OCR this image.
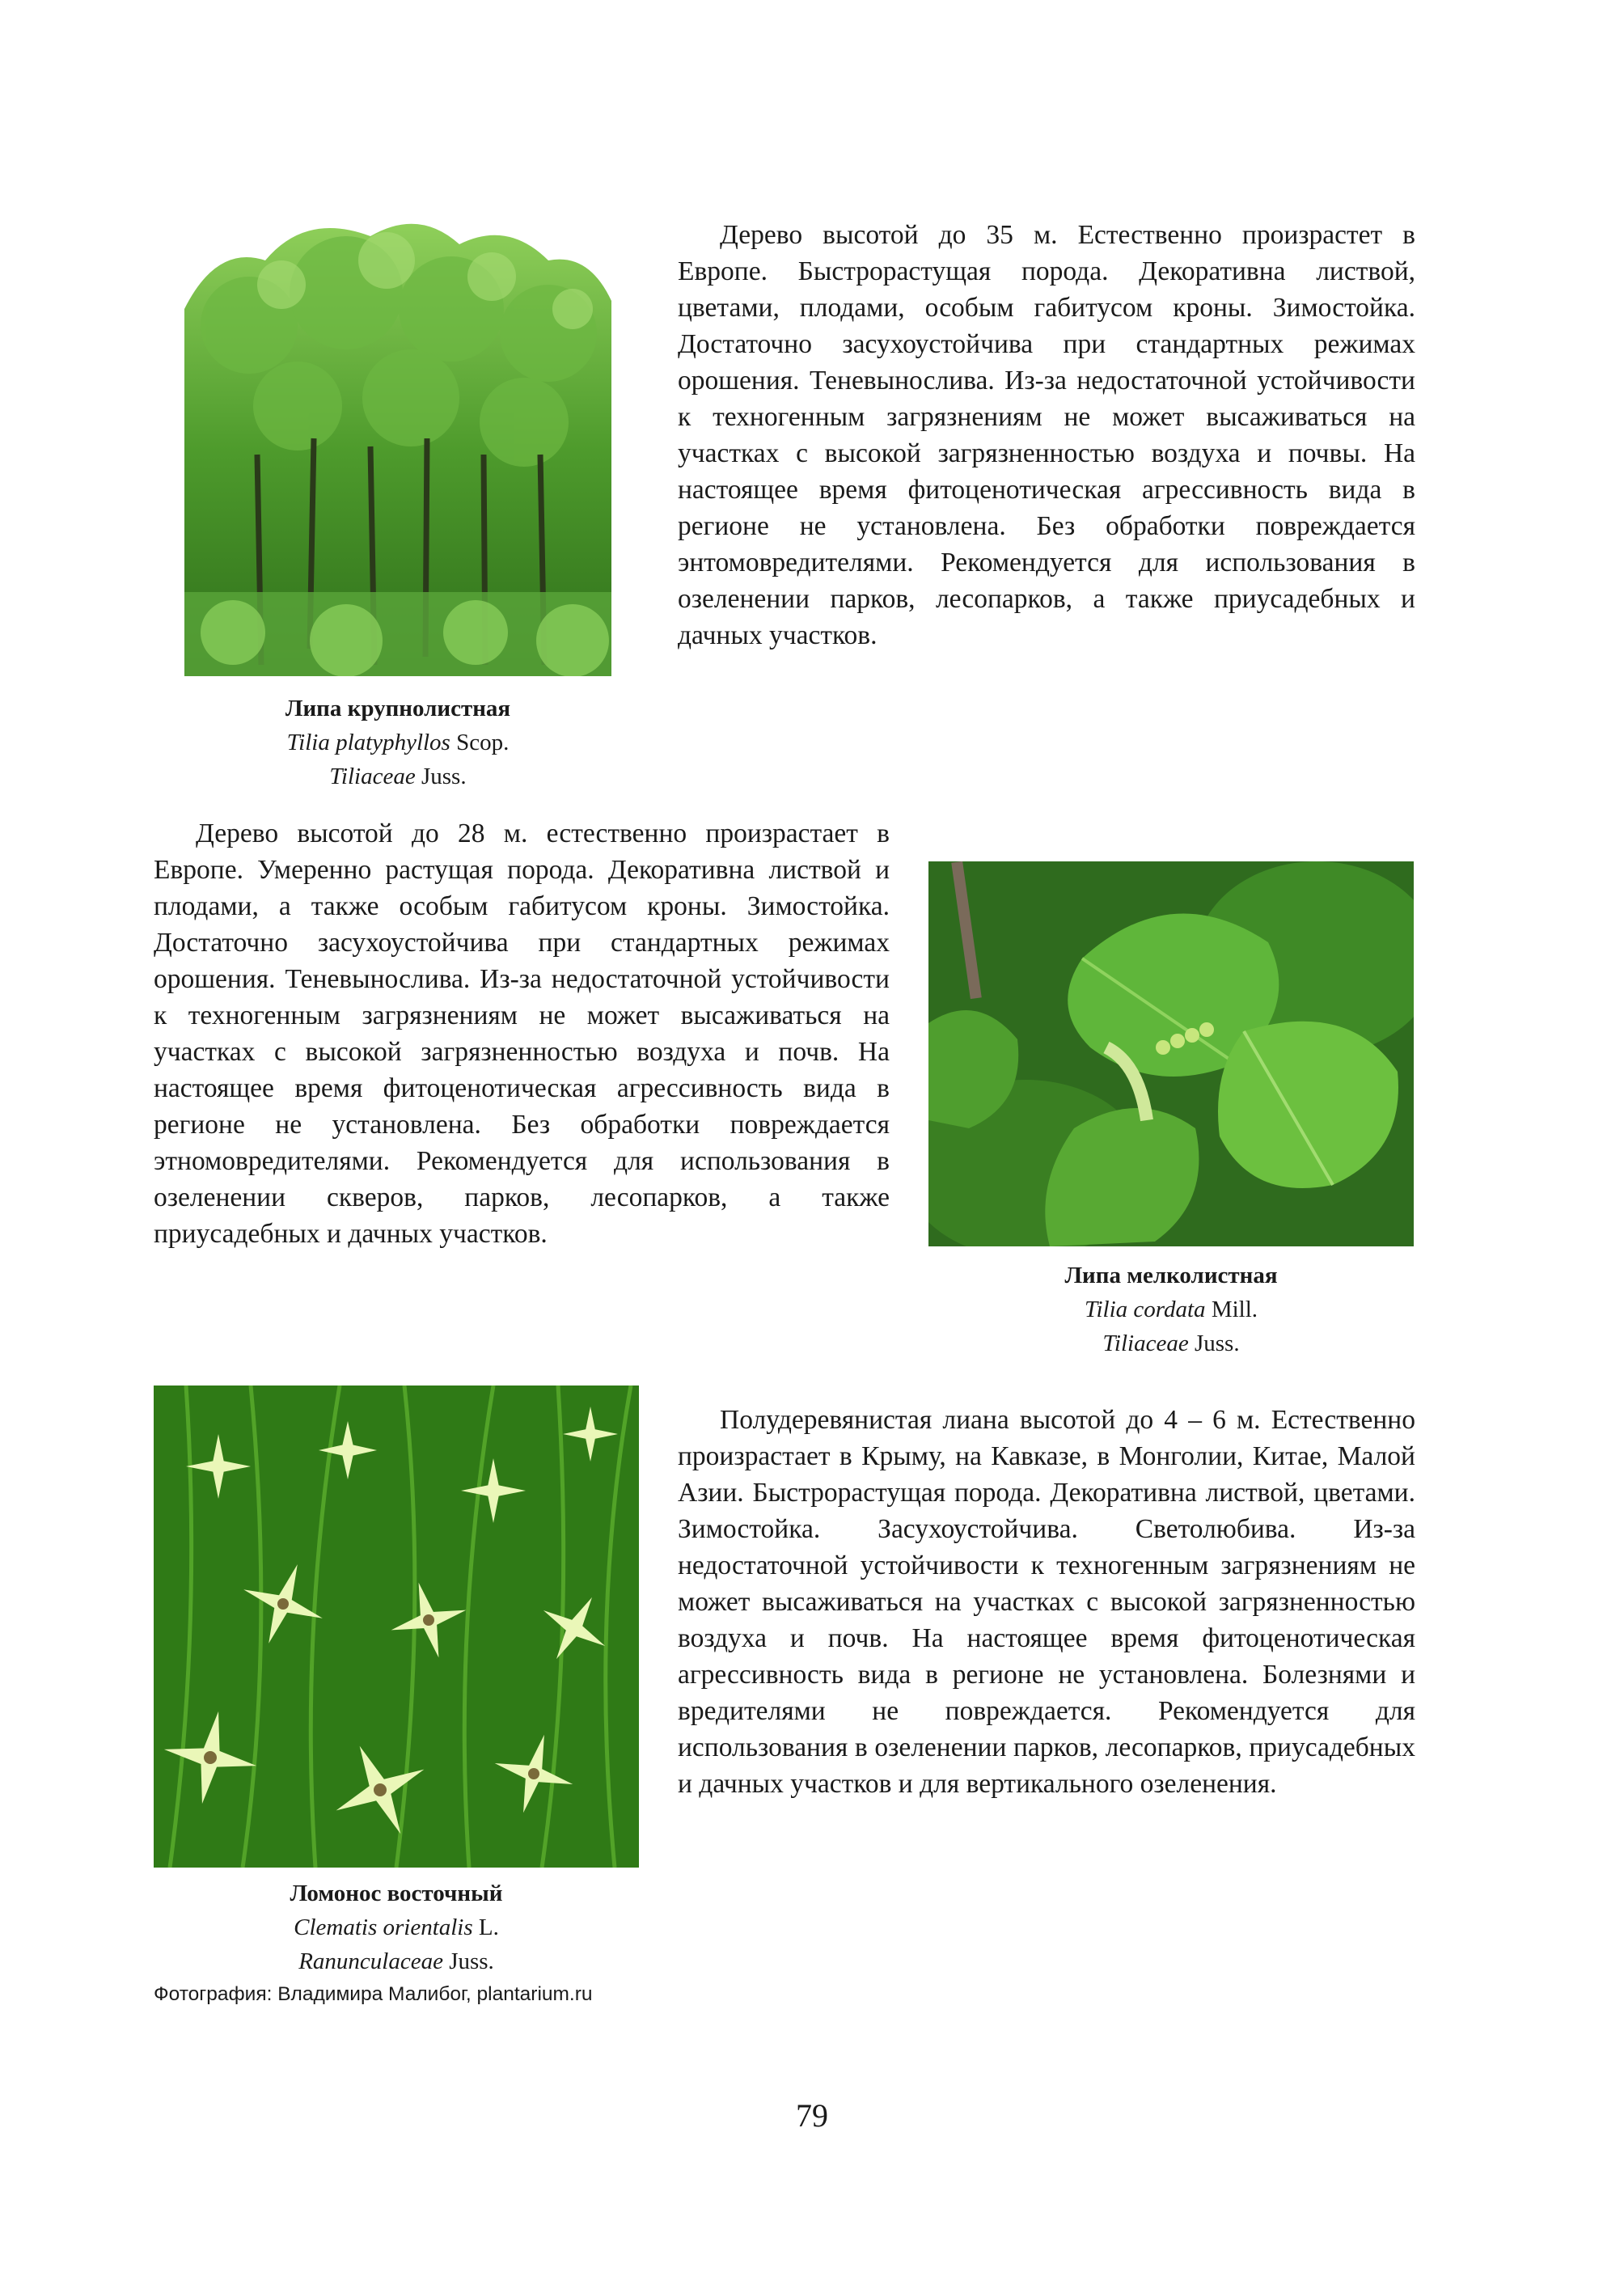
Дерево высотой до 35 м. Естественно произрастет в Европе. Быстрорастущая порода. Декоративна листвой, цветами, плодами, особым габитусом кроны. Зимостойка. Достаточно засухоустойчива при стандартных режимах орошения. Теневынослива. Из-за недостаточной устойчивости к техногенным загрязнениям не может высаживаться на участках с высокой загрязненностью воздуха и почвы. На настоящее время фитоценотическая агрессивность вида в регионе не установлена. Без обработки повреждается энтомовредителями. Рекомендуется для использования в озеленении парков, лесопарков, а также приусадебных и дачных участков.

Липа крупнолистная
Tilia platyphyllos Scop.
Tiliaceae Juss.

Дерево высотой до 28 м. естественно произрастает в Европе. Умеренно растущая порода. Декоративна листвой и плодами, а также особым габитусом кроны. Зимостойка. Достаточно засухоустойчива при стандартных режимах орошения. Теневынослива. Из-за недостаточной устойчивости к техногенным загрязнениям не может высаживаться на участках с высокой загрязненностью воздуха и почв. На настоящее время фитоценотическая агрессивность вида в регионе не установлена. Без обработки повреждается этномовредителями. Рекомендуется для использования в озеленении скверов, парков, лесопарков, а также приусадебных и дачных участков.

Липа мелколистная
Tilia cordata Mill.
Tiliaceae Juss.

Полудеревянистая лиана высотой до 4 – 6 м. Естественно произрастает в Крыму, на Кавказе, в Монголии, Китае, Малой Азии. Быстрорастущая порода. Декоративна листвой, цветами. Зимостойка. Засухоустойчива. Светолюбива. Из-за недостаточной устойчивости к техногенным загрязнениям не может высаживаться на участках с высокой загрязненностью воздуха и почв. На настоящее время фитоценотическая агрессивность вида в регионе не установлена. Болезнями и вредителями не повреждается. Рекомендуется для использования в озеленении парков, лесопарков, приусадебных и дачных участков и для вертикального озеленения.

Ломонос восточный
Clematis orientalis L.
Ranunculaceae Juss.
Фотография: Владимира Малибог, plantarium.ru
79
